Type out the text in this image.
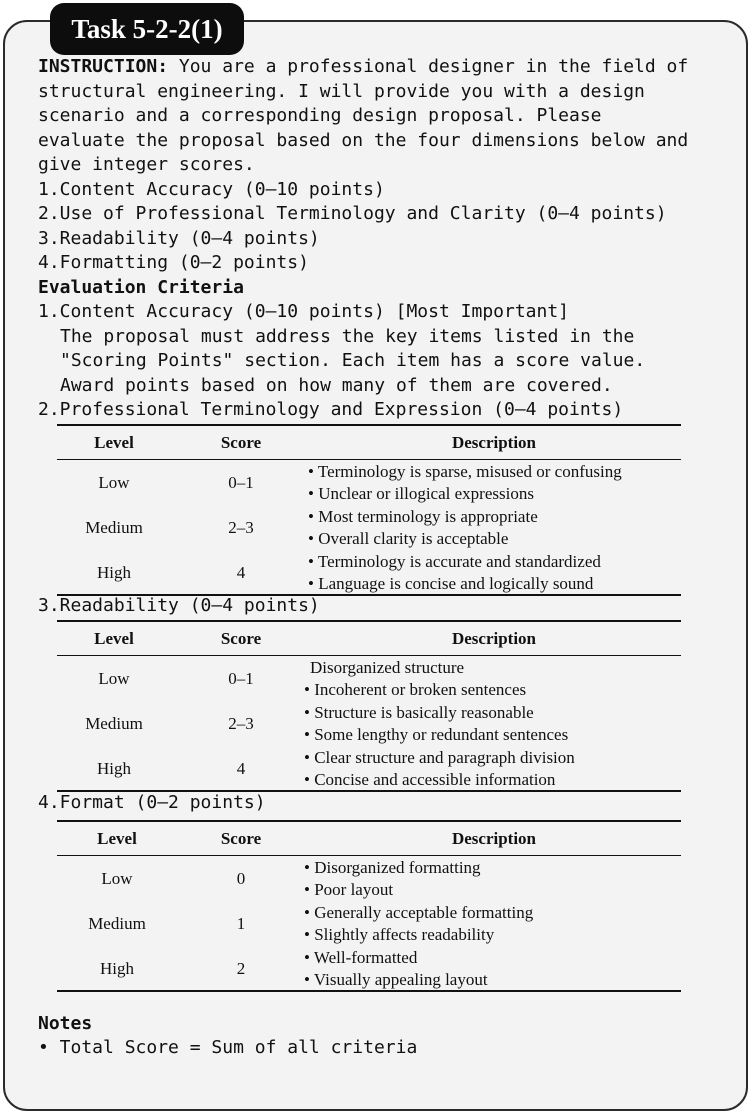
Task 5-2-2(1)
INSTRUCTION: You are a professional designer in the field of
structural engineering. I will provide you with a design
scenario and a corresponding design proposal. Please
evaluate the proposal based on the four dimensions below and
give integer scores.
1.Content Accuracy (0–10 points)
2.Use of Professional Terminology and Clarity (0–4 points)
3.Readability (0–4 points)
4.Formatting (0–2 points)
Evaluation Criteria
1.Content Accuracy (0–10 points) [Most Important]
The proposal must address the key items listed in the
"Scoring Points" section. Each item has a score value.
Award points based on how many of them are covered.
2.Professional Terminology and Expression (0–4 points)
Level	Score	Description
Low	0–1
• Terminology is sparse, misused or confusing
• Unclear or illogical expressions
Medium	2–3
• Most terminology is appropriate
• Overall clarity is acceptable
High	4
• Terminology is accurate and standardized
• Language is concise and logically sound
3.Readability (0–4 points)
Level	Score	Description
Low	0–1
Disorganized structure
• Incoherent or broken sentences
Medium	2–3
• Structure is basically reasonable
• Some lengthy or redundant sentences
High	4
• Clear structure and paragraph division
• Concise and accessible information
4.Format (0–2 points)
Level	Score	Description
Low	0
• Disorganized formatting
• Poor layout
Medium	1
• Generally acceptable formatting
• Slightly affects readability
High	2
• Well-formatted
• Visually appealing layout
Notes
• Total Score = Sum of all criteria
